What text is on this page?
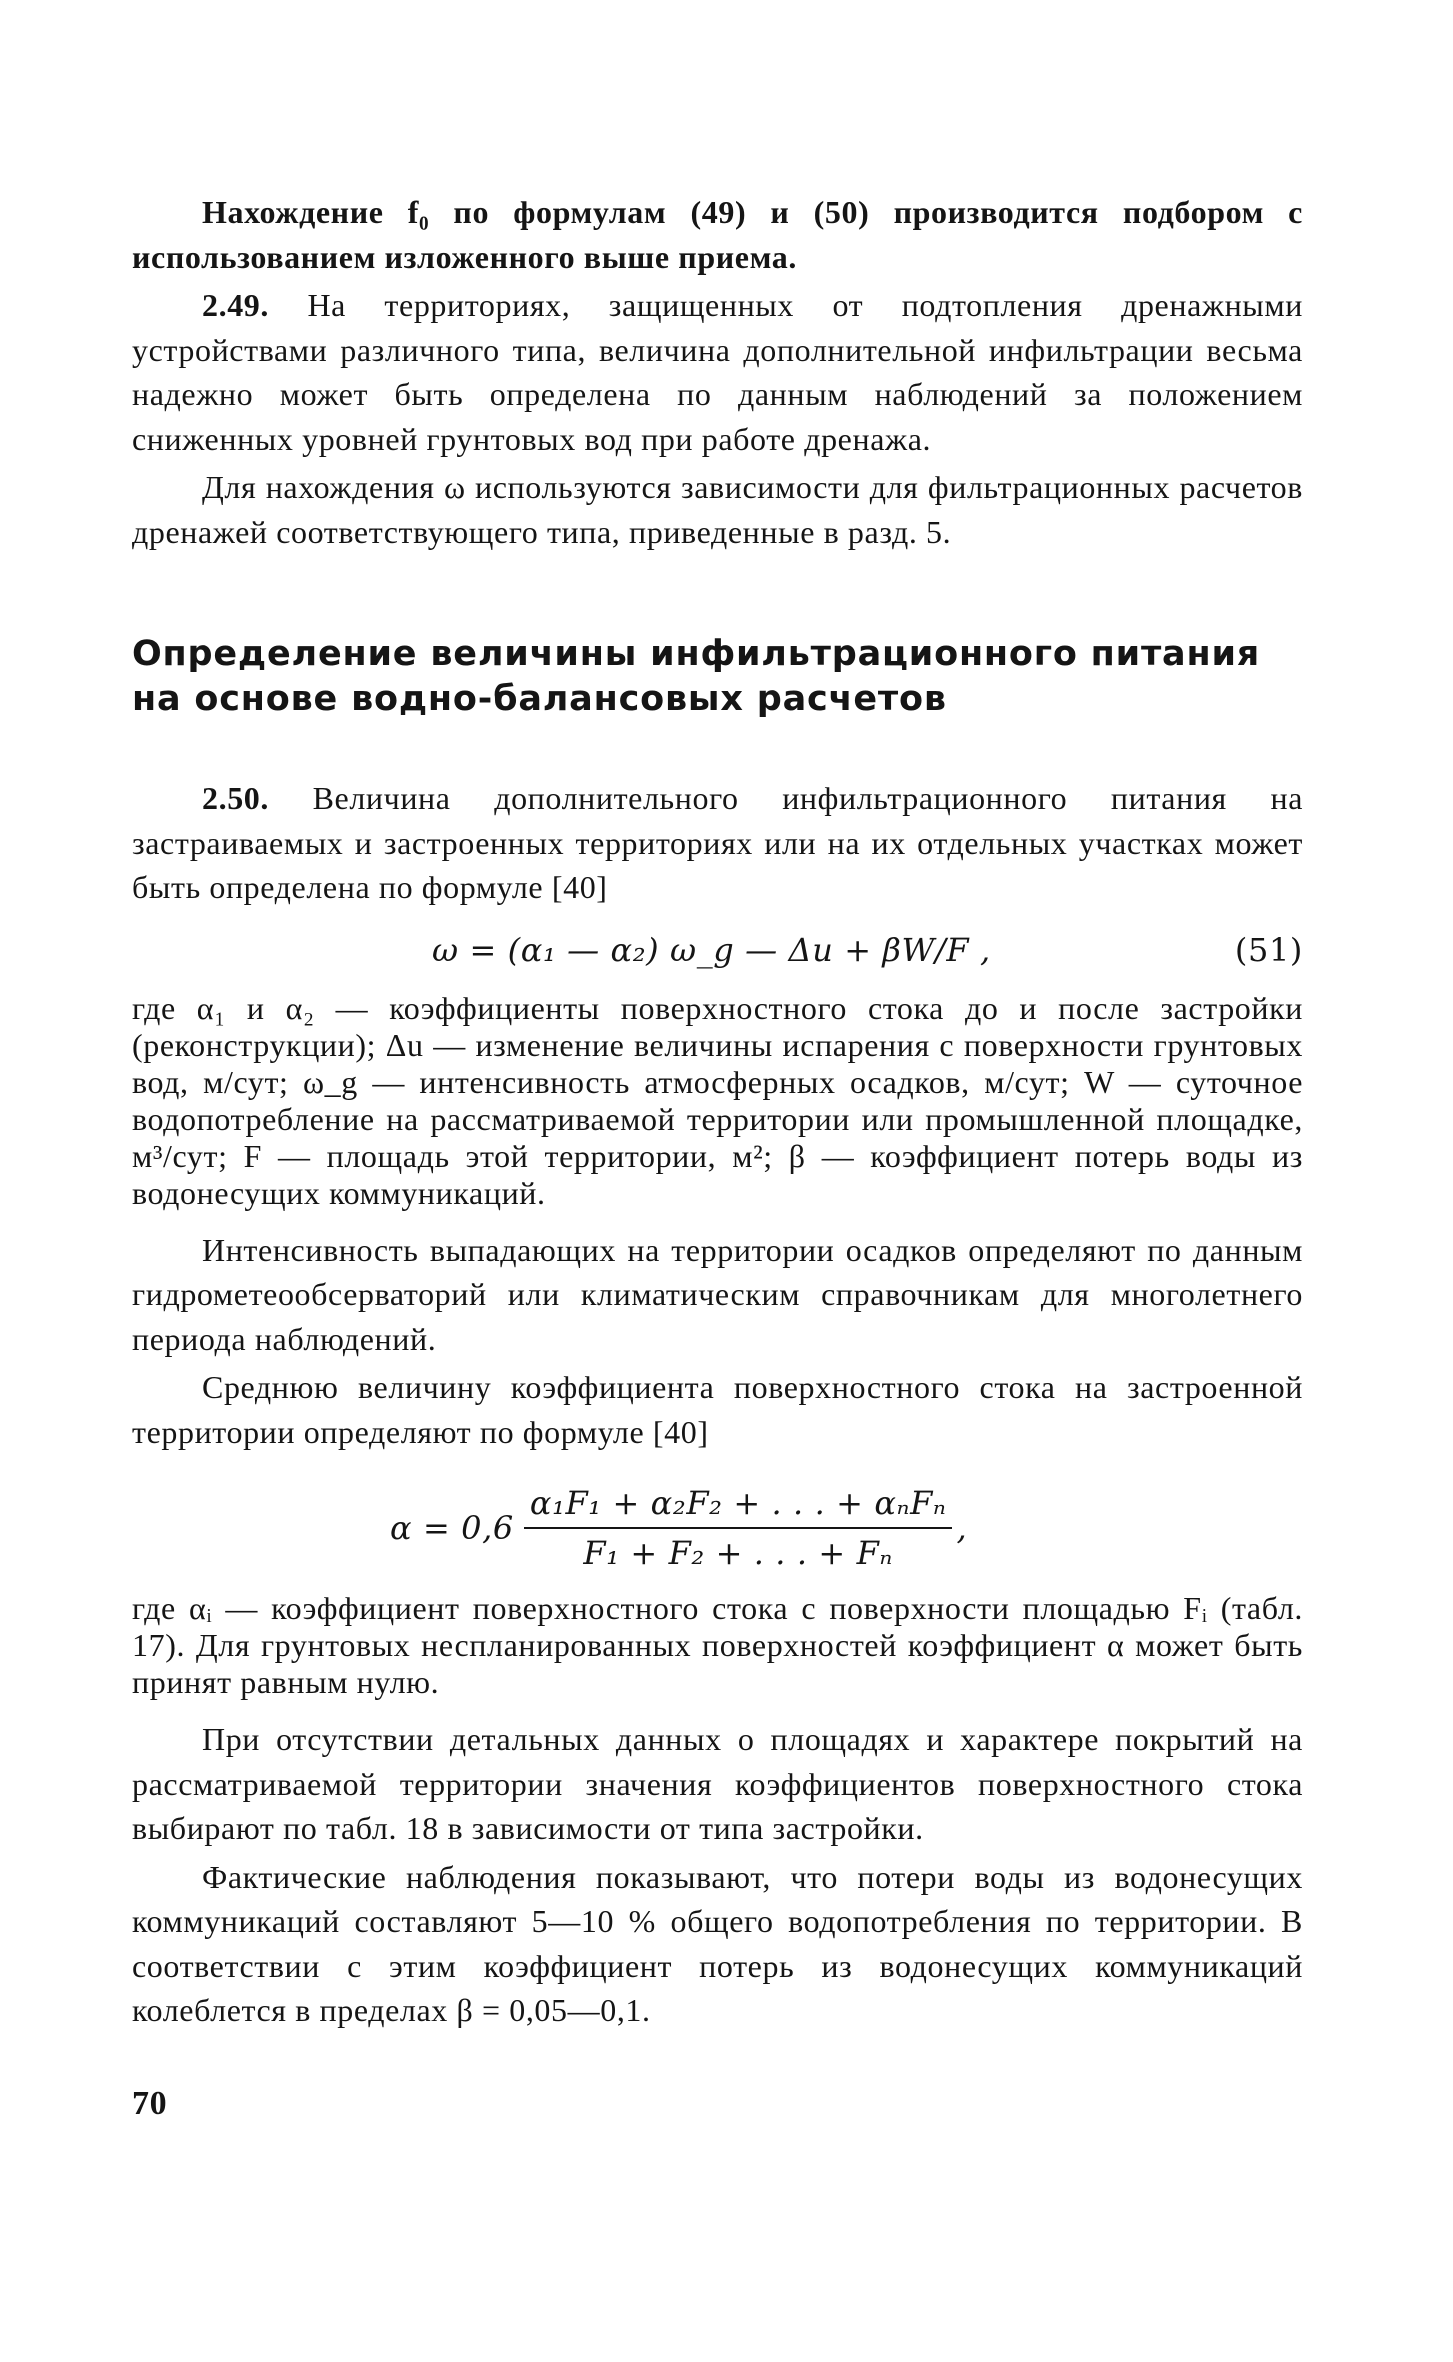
Нахождение f₀ по формулам (49) и (50) производится подбором с использованием изложенного выше приема.

2.49. На территориях, защищенных от подтопления дренажными устройствами различного типа, величина дополнительной инфильтрации весьма надежно может быть определена по данным наблюдений за положением сниженных уровней грунтовых вод при работе дренажа.

Для нахождения ω используются зависимости для фильтрационных расчетов дренажей соответствующего типа, приведенные в разд. 5.

Определение величины инфильтрационного питания
на основе водно-балансовых расчетов

2.50. Величина дополнительного инфильтрационного питания на застраиваемых и застроенных территориях или на их отдельных участках может быть определена по формуле [40]

ω = (α₁ — α₂) ω_g — Δu + βW/F ,	(51)

где α₁ и α₂ — коэффициенты поверхностного стока до и после застройки (реконструкции); Δu — изменение величины испарения с поверхности грунтовых вод, м/сут; ω_g — интенсивность атмосферных осадков, м/сут; W — суточное водопотребление на рассматриваемой территории или промышленной площадке, м³/сут; F — площадь этой территории, м²; β — коэффициент потерь воды из водонесущих коммуникаций.

Интенсивность выпадающих на территории осадков определяют по данным гидрометеообсерваторий или климатическим справочникам для многолетнего периода наблюдений.

Среднюю величину коэффициента поверхностного стока на застроенной территории определяют по формуле [40]

$\alpha = 0,6 \frac{\text{α₁F₁ + α₂F₂ + . . . + αₙFₙ}}{\text{F₁ + F₂ + . . . + Fₙ}}$ ,

где αᵢ — коэффициент поверхностного стока с поверхности площадью Fᵢ (табл. 17). Для грунтовых неспланированных поверхностей коэффициент α может быть принят равным нулю.

При отсутствии детальных данных о площадях и характере покрытий на рассматриваемой территории значения коэффициентов поверхностного стока выбирают по табл. 18 в зависимости от типа застройки.

Фактические наблюдения показывают, что потери воды из водонесущих коммуникаций составляют 5—10 % общего водопотребления по территории. В соответствии с этим коэффициент потерь из водонесущих коммуникаций колеблется в пределах β = 0,05—0,1.

70
